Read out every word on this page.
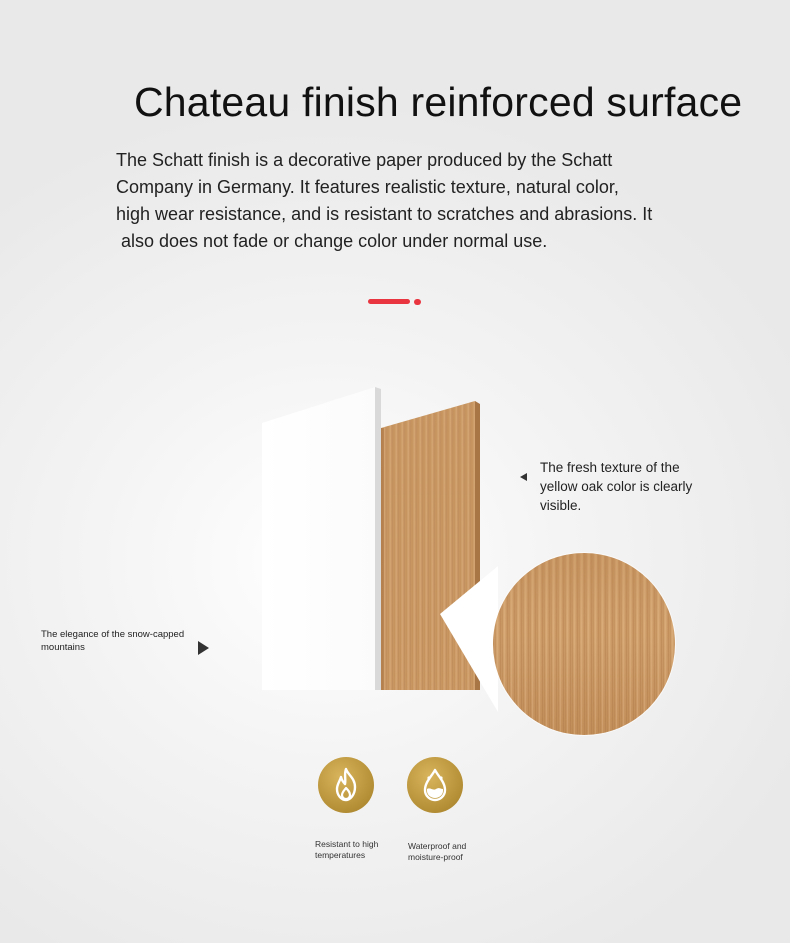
Chateau finish reinforced surface

The Schatt finish is a decorative paper produced by the Schatt

Company in Germany. It features realistic texture, natural color,

high wear resistance, and is resistant to scratches and abrasions. It

also does not fade or change color under normal use.

The fresh texture of the yellow oak color is clearly visible.
The elegance of the snow-capped mountains
Resistant to high temperatures
Waterproof and moisture-proof
